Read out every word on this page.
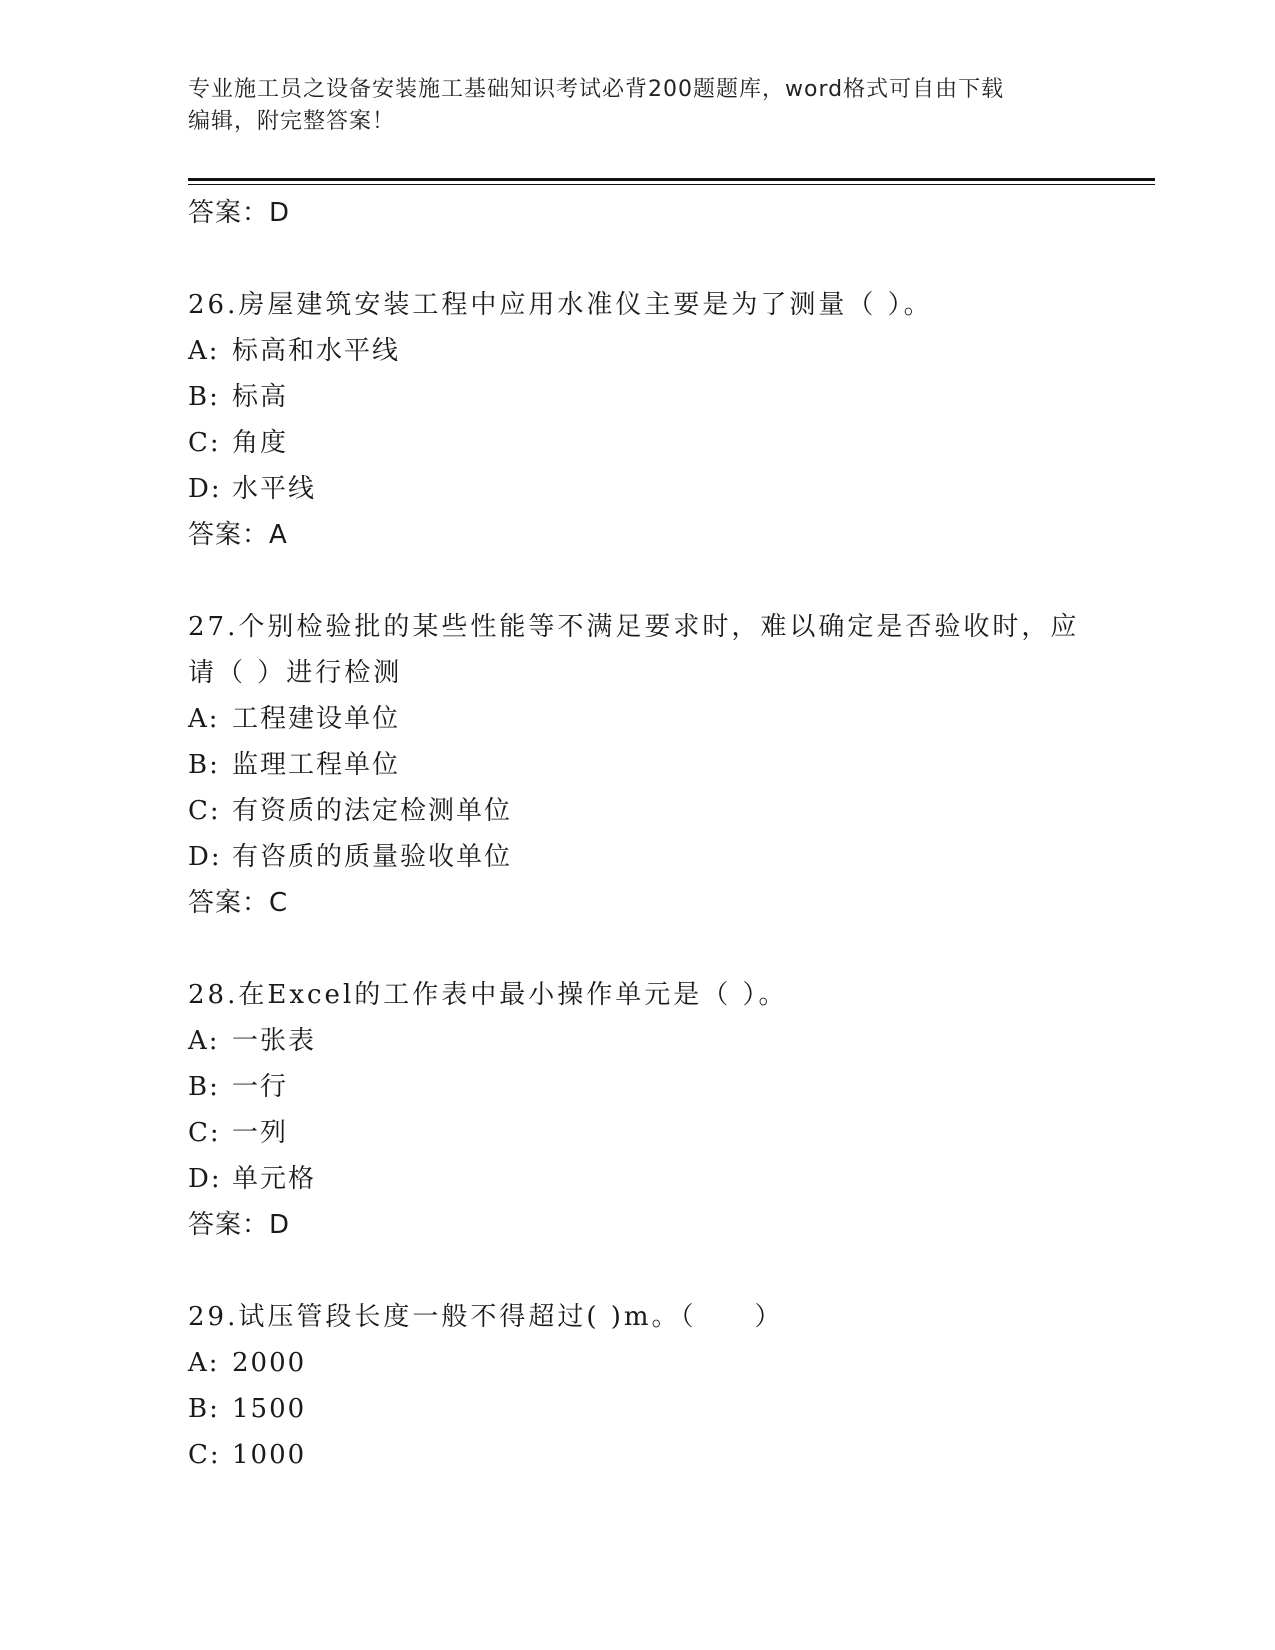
专业施工员之设备安装施工基础知识考试必背200题题库，word格式可自由下载
编辑，附完整答案！
答案：D
26.房屋建筑安装工程中应用水准仪主要是为了测量（ ）。
A: 标高和水平线
B: 标高
C: 角度
D: 水平线
答案：A
27.个别检验批的某些性能等不满足要求时，难以确定是否验收时，应
请（ ）进行检测
A: 工程建设单位
B: 监理工程单位
C: 有资质的法定检测单位
D: 有咨质的质量验收单位
答案：C
28.在Excel的工作表中最小操作单元是（ ）。
A: 一张表
B: 一行
C: 一列
D: 单元格
答案：D
29.试压管段长度一般不得超过( )m。（　　）
A: 2000
B: 1500
C: 1000
